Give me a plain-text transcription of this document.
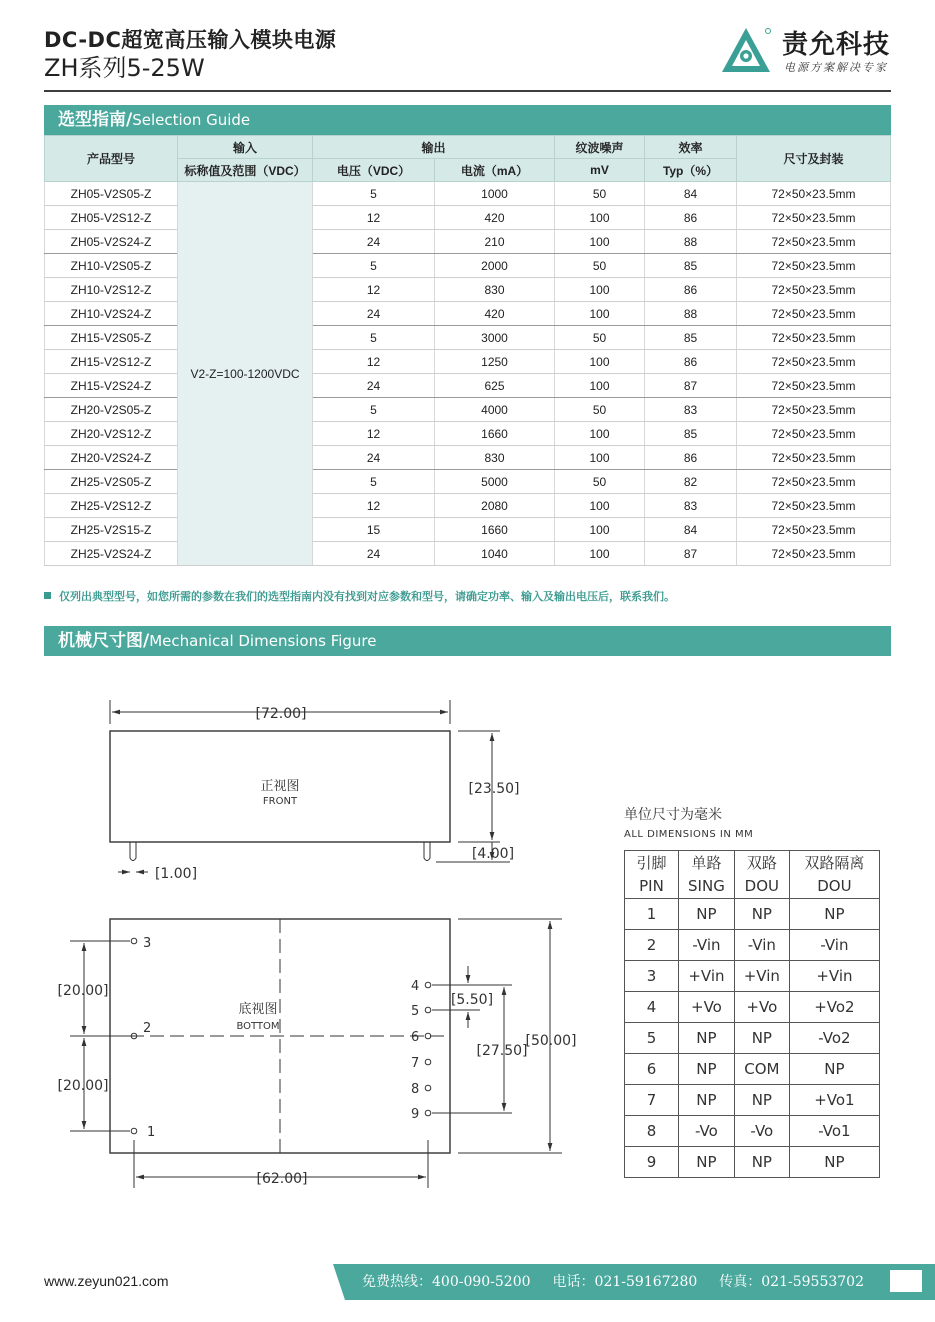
DC-DC超宽高压输入模块电源
ZH系列5-25W
责允科技
电源方案解决专家
选型指南/Selection Guide
产品型号	输入	输出		纹波噪声	效率	尺寸及封装
	标称值及范围（VDC）	电压（VDC）	电流（mA）	mV	Typ（%）	
ZH05-V2S05-Z	V2-Z=100-1200VDC	5	1000	50	84	72×50×23.5mm
ZH05-V2S12-Z		12	420	100	86	72×50×23.5mm
ZH05-V2S24-Z		24	210	100	88	72×50×23.5mm
ZH10-V2S05-Z		5	2000	50	85	72×50×23.5mm
ZH10-V2S12-Z		12	830	100	86	72×50×23.5mm
ZH10-V2S24-Z		24	420	100	88	72×50×23.5mm
ZH15-V2S05-Z		5	3000	50	85	72×50×23.5mm
ZH15-V2S12-Z		12	1250	100	86	72×50×23.5mm
ZH15-V2S24-Z		24	625	100	87	72×50×23.5mm
ZH20-V2S05-Z		5	4000	50	83	72×50×23.5mm
ZH20-V2S12-Z		12	1660	100	85	72×50×23.5mm
ZH20-V2S24-Z		24	830	100	86	72×50×23.5mm
ZH25-V2S05-Z		5	5000	50	82	72×50×23.5mm
ZH25-V2S12-Z		12	2080	100	83	72×50×23.5mm
ZH25-V2S15-Z		15	1660	100	84	72×50×23.5mm
ZH25-V2S24-Z		24	1040	100	87	72×50×23.5mm
仅列出典型型号，如您所需的参数在我们的选型指南内没有找到对应参数和型号，请确定功率、输入及输出电压后，联系我们。
机械尺寸图/Mechanical Dimensions Figure
[72.00]
[23.50]
[4.00]
[1.00]
[20.00]
[20.00]
[5.50]
[27.50]
[50.00]
[62.00]
正视图
FRONT
底视图
BOTTOM
1
2
3
4
5
6
7
8
9
单位尺寸为毫米
ALL DIMENSIONS IN MM
引脚	单路	双路	双路隔离
PIN	SING	DOU	DOU
1	NP	NP	NP
2	-Vin	-Vin	-Vin
3	+Vin	+Vin	+Vin
4	+Vo	+Vo	+Vo2
5	NP	NP	-Vo2
6	NP	COM	NP
7	NP	NP	+Vo1
8	-Vo	-Vo	-Vo1
9	NP	NP	NP
www.zeyun021.com	免费热线：400-090-5200 电话：021-59167280 传真：021-59553702
